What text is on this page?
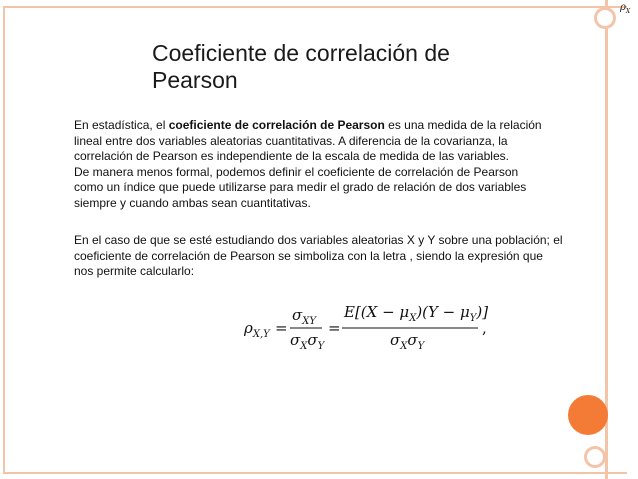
$\rho_X$
Coeficiente de correlación de
Pearson
En estadística, el coeficiente de correlación de Pearson es una medida de la relación
lineal entre dos variables aleatorias cuantitativas. A diferencia de la covarianza, la
correlación de Pearson es independiente de la escala de medida de las variables.
De manera menos formal, podemos definir el coeficiente de correlación de Pearson
como un índice que puede utilizarse para medir el grado de relación de dos variables
siempre y cuando ambas sean cuantitativas.
En el caso de que se esté estudiando dos variables aleatorias X y Y sobre una población; el
coeficiente de correlación de Pearson se simboliza con la letra , siendo la expresión que
nos permite calcularlo:
$\rho_{X,Y}$ =
$\sigma_{XY}$
$\sigma_X\sigma_Y$
=
$E[(X - \mu_X)(Y - \mu_Y)]$
$\sigma_X\sigma_Y$
,
